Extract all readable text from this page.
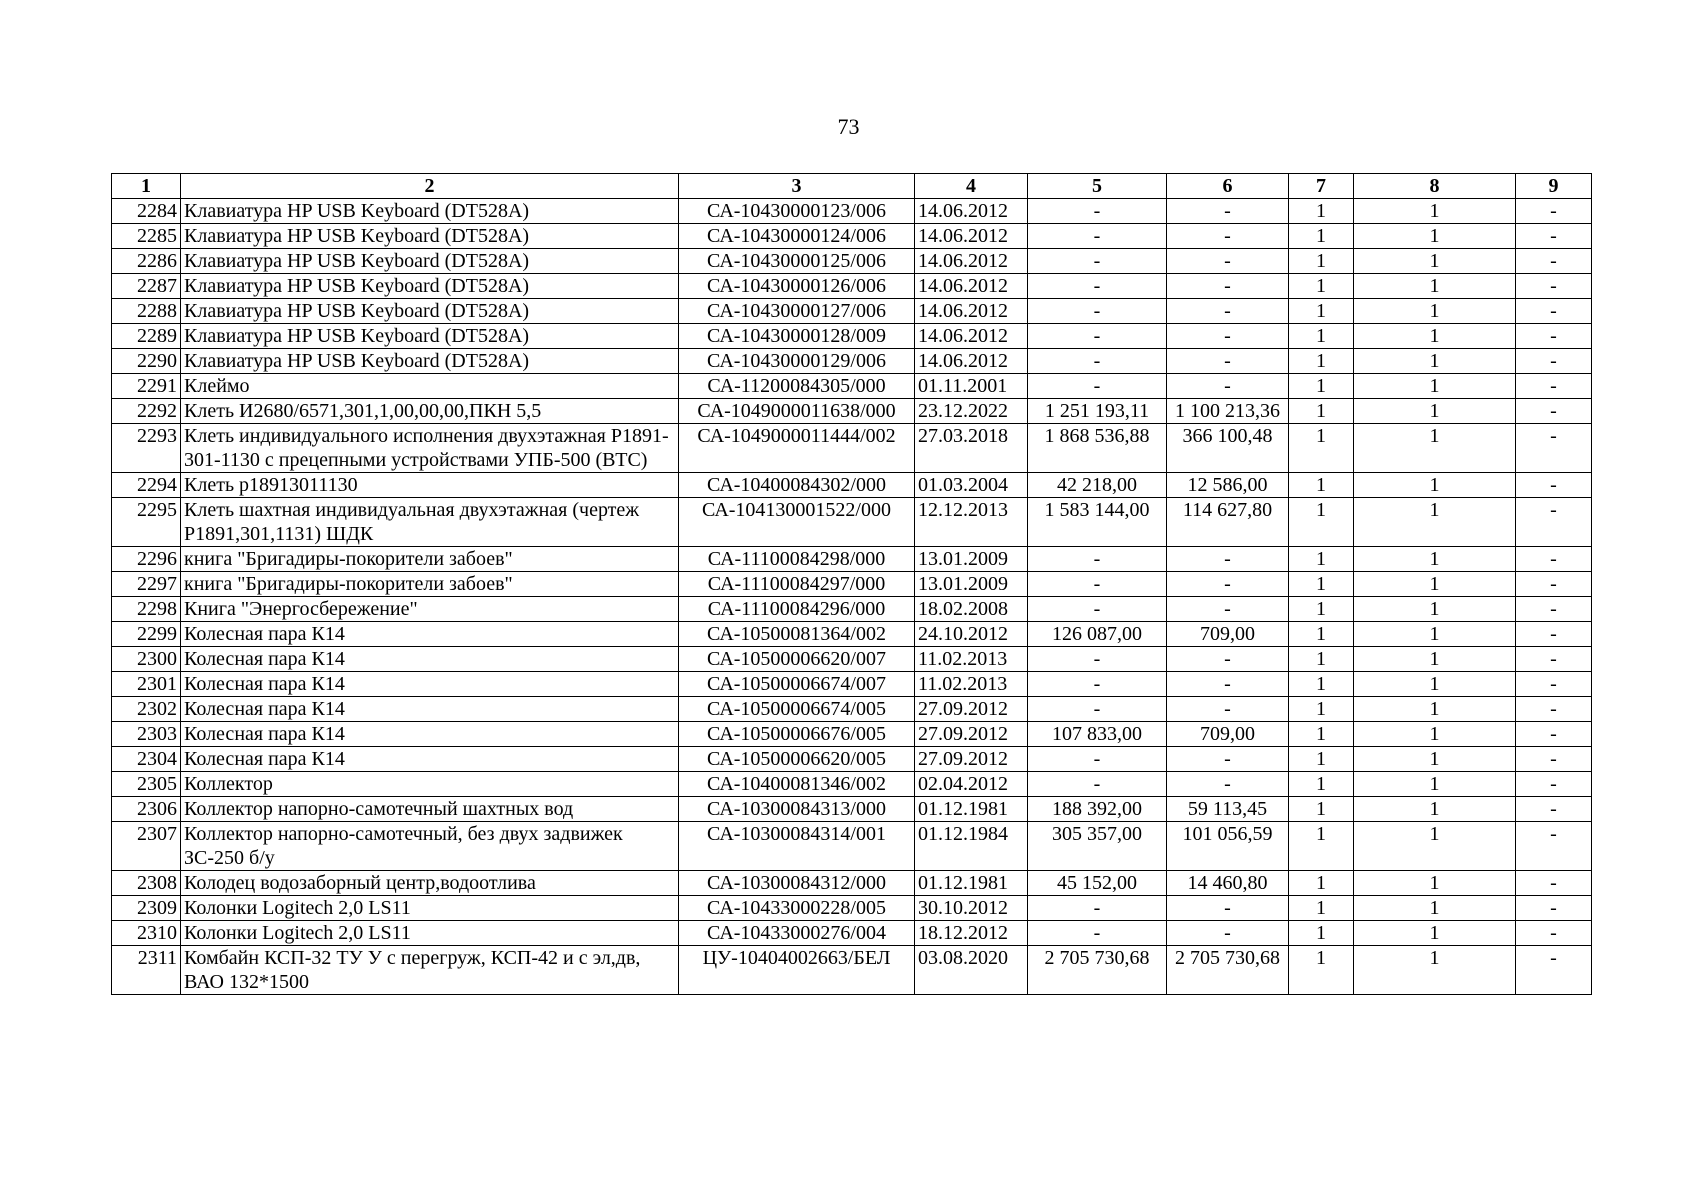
73
1	2	3	4	5	6	7	8	9
2284	Клавиатура HP USB Keyboard (DT528A)	СА-10430000123/006	14.06.2012	-	-	1	1	-
2285	Клавиатура HP USB Keyboard (DT528A)	СА-10430000124/006	14.06.2012	-	-	1	1	-
2286	Клавиатура HP USB Keyboard (DT528A)	СА-10430000125/006	14.06.2012	-	-	1	1	-
2287	Клавиатура HP USB Keyboard (DT528A)	СА-10430000126/006	14.06.2012	-	-	1	1	-
2288	Клавиатура HP USB Keyboard (DT528A)	СА-10430000127/006	14.06.2012	-	-	1	1	-
2289	Клавиатура HP USB Keyboard (DT528A)	СА-10430000128/009	14.06.2012	-	-	1	1	-
2290	Клавиатура HP USB Keyboard (DT528A)	СА-10430000129/006	14.06.2012	-	-	1	1	-
2291	Клеймо	СА-11200084305/000	01.11.2001	-	-	1	1	-
2292	Клеть И2680/6571,301,1,00,00,00,ПКН 5,5	СА-1049000011638/000	23.12.2022	1 251 193,11	1 100 213,36	1	1	-
2293	Клеть индивидуального исполнения двухэтажная Р1891-301-1130 с прецепными устройствами УПБ-500 (ВТС)	СА-1049000011444/002	27.03.2018	1 868 536,88	366 100,48	1	1	-
2294	Клеть р18913011130	СА-10400084302/000	01.03.2004	42 218,00	12 586,00	1	1	-
2295	Клеть шахтная индивидуальная двухэтажная (чертеж Р1891,301,1131) ШДК	СА-104130001522/000	12.12.2013	1 583 144,00	114 627,80	1	1	-
2296	книга "Бригадиры-покорители забоев"	СА-11100084298/000	13.01.2009	-	-	1	1	-
2297	книга "Бригадиры-покорители забоев"	СА-11100084297/000	13.01.2009	-	-	1	1	-
2298	Книга "Энергосбережение"	СА-11100084296/000	18.02.2008	-	-	1	1	-
2299	Колесная пара К14	СА-10500081364/002	24.10.2012	126 087,00	709,00	1	1	-
2300	Колесная пара К14	СА-10500006620/007	11.02.2013	-	-	1	1	-
2301	Колесная пара К14	СА-10500006674/007	11.02.2013	-	-	1	1	-
2302	Колесная пара К14	СА-10500006674/005	27.09.2012	-	-	1	1	-
2303	Колесная пара К14	СА-10500006676/005	27.09.2012	107 833,00	709,00	1	1	-
2304	Колесная пара К14	СА-10500006620/005	27.09.2012	-	-	1	1	-
2305	Коллектор	СА-10400081346/002	02.04.2012	-	-	1	1	-
2306	Коллектор напорно-самотечный шахтных вод	СА-10300084313/000	01.12.1981	188 392,00	59 113,45	1	1	-
2307	Коллектор напорно-самотечный, без двух задвижек ЗС-250 б/у	СА-10300084314/001	01.12.1984	305 357,00	101 056,59	1	1	-
2308	Колодец водозаборный центр,водоотлива	СА-10300084312/000	01.12.1981	45 152,00	14 460,80	1	1	-
2309	Колонки Logitech 2,0 LS11	СА-10433000228/005	30.10.2012	-	-	1	1	-
2310	Колонки Logitech 2,0 LS11	СА-10433000276/004	18.12.2012	-	-	1	1	-
2311	Комбайн КСП-32 ТУ У с перегруж, КСП-42 и с эл,дв, ВАО 132*1500	ЦУ-10404002663/БЕЛ	03.08.2020	2 705 730,68	2 705 730,68	1	1	-
